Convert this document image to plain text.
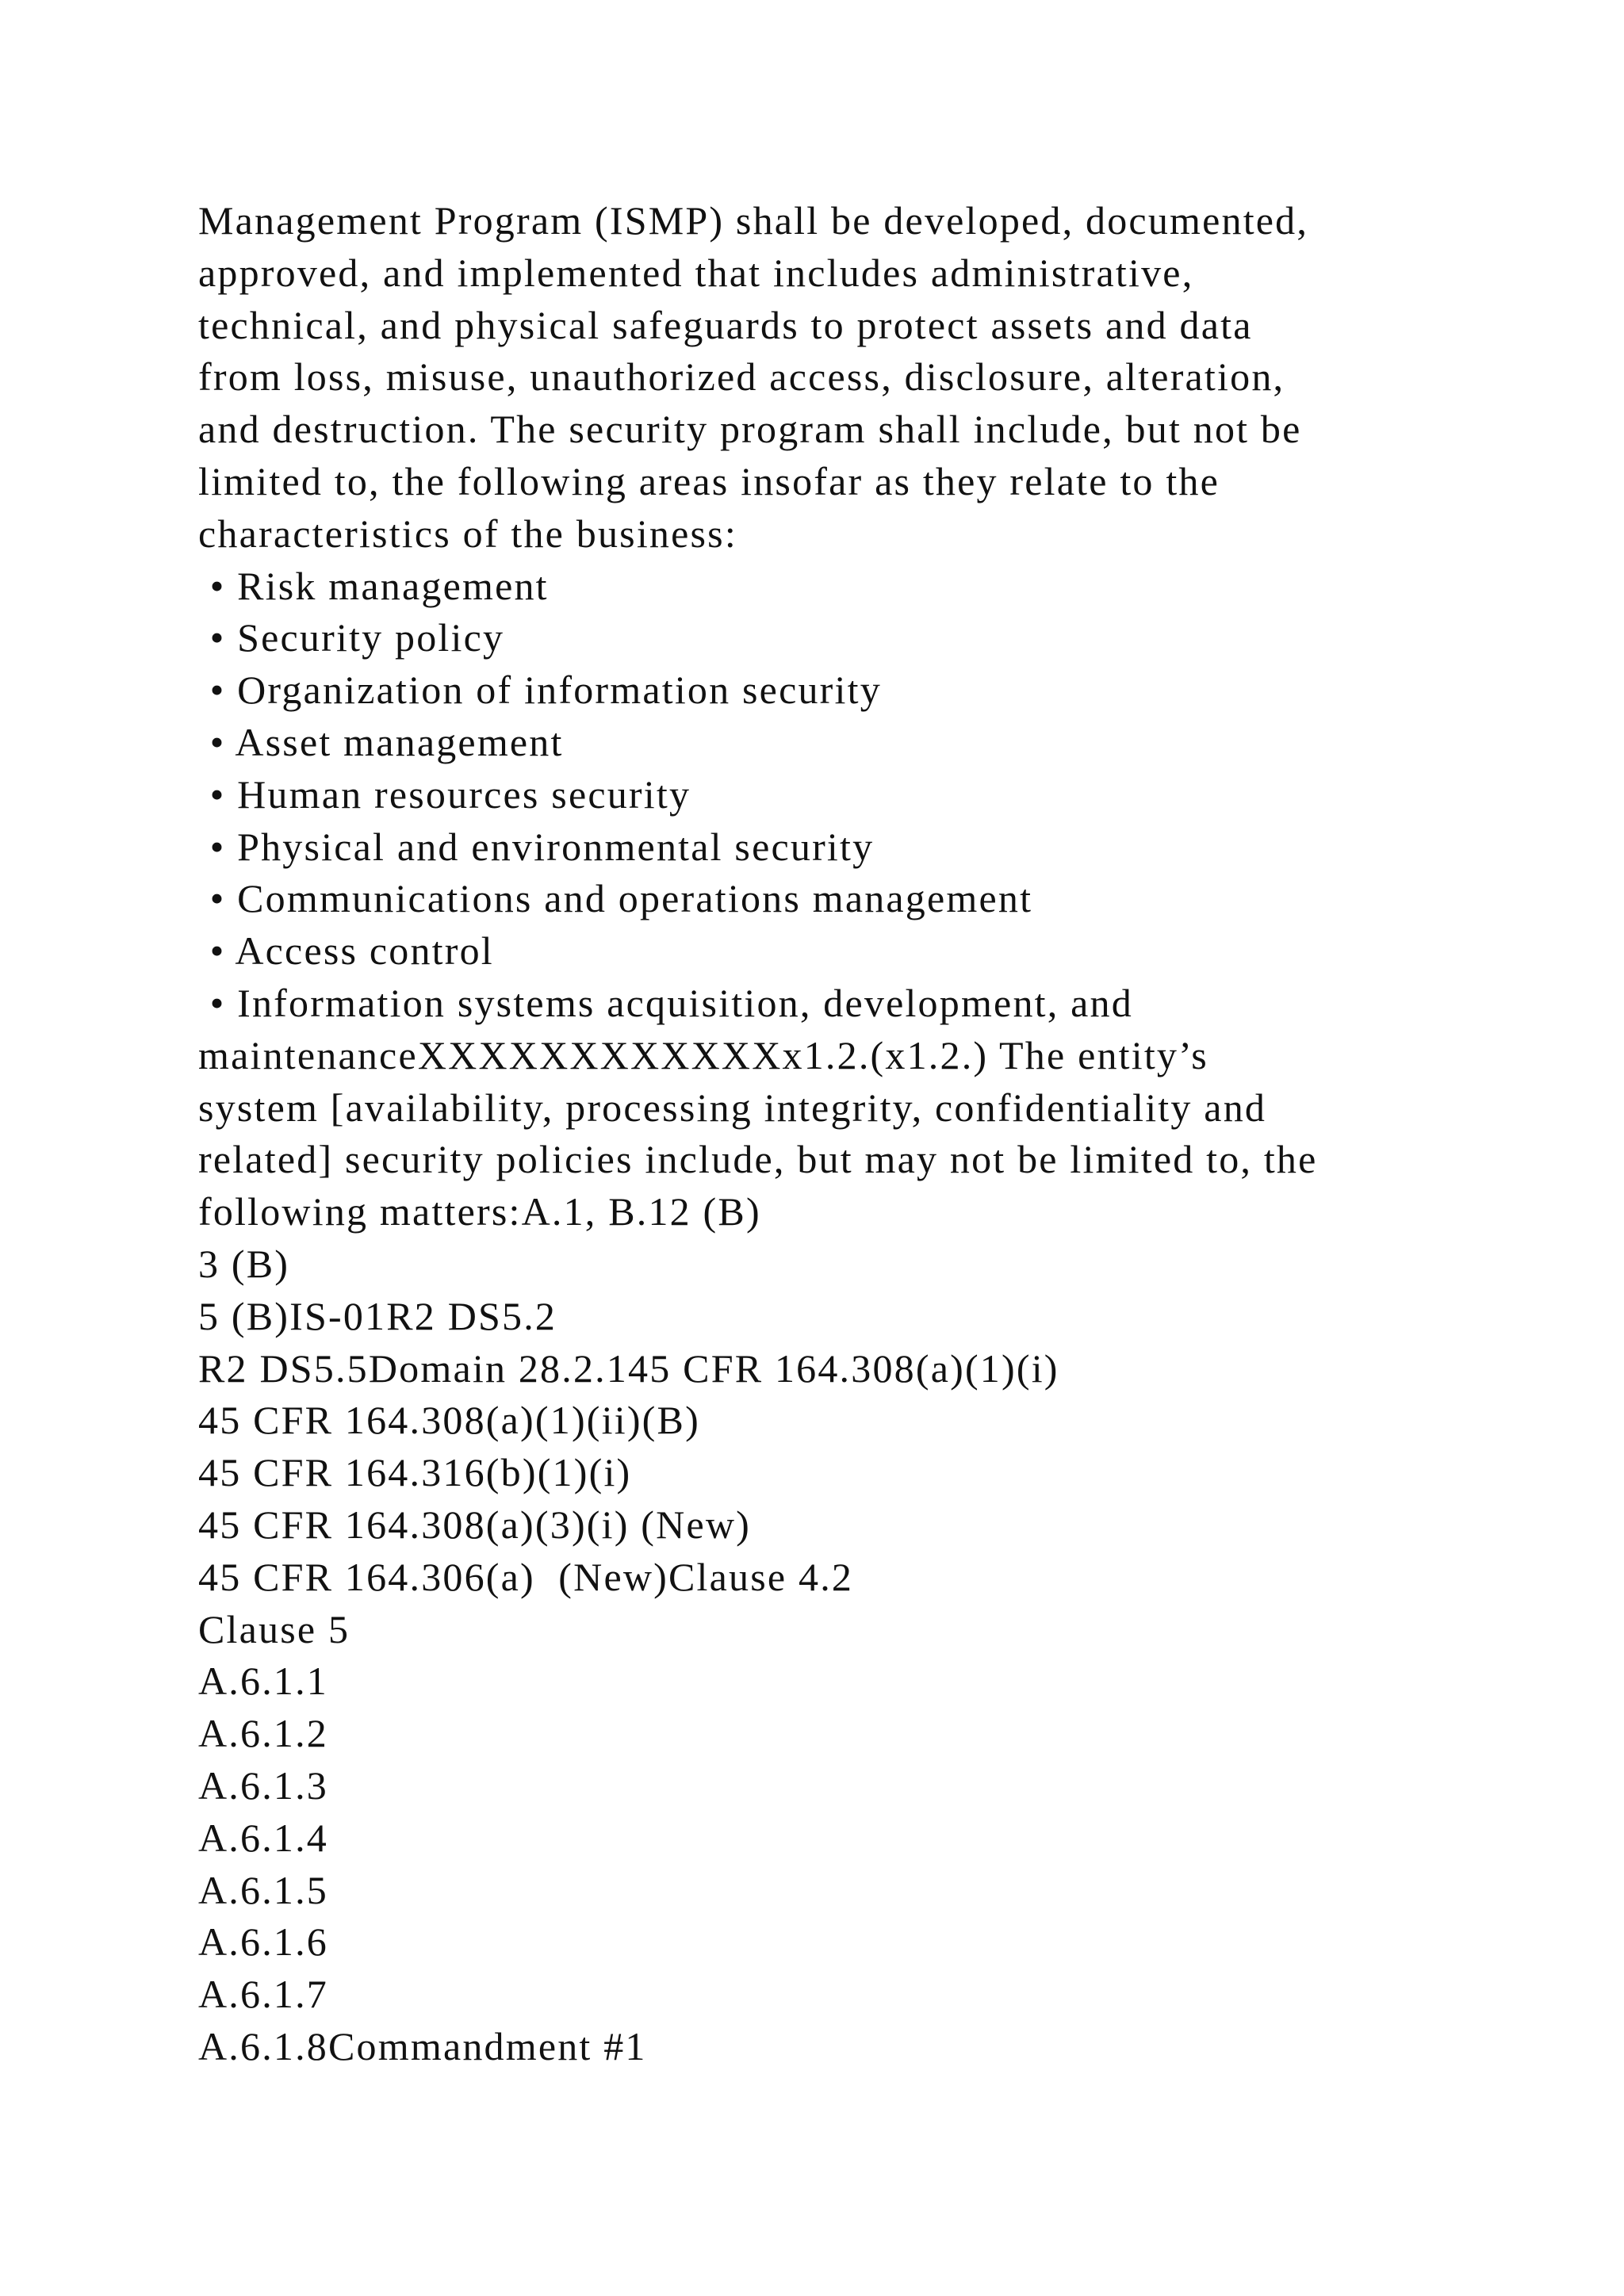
Management Program (ISMP) shall be developed, documented,
approved, and implemented that includes administrative,
technical, and physical safeguards to protect assets and data
from loss, misuse, unauthorized access, disclosure, alteration,
and destruction. The security program shall include, but not be
limited to, the following areas insofar as they relate to the
characteristics of the business:
• Risk management
• Security policy
• Organization of information security
• Asset management
• Human resources security
• Physical and environmental security
• Communications and operations management
• Access control
• Information systems acquisition, development, and
maintenanceXXXXXXXXXXXXx1.2.(x1.2.) The entity’s
system [availability, processing integrity, confidentiality and
related] security policies include, but may not be limited to, the
following matters:A.1, B.12 (B)
3 (B)
5 (B)IS-01R2 DS5.2
R2 DS5.5Domain 28.2.145 CFR 164.308(a)(1)(i)
45 CFR 164.308(a)(1)(ii)(B)
45 CFR 164.316(b)(1)(i)
45 CFR 164.308(a)(3)(i) (New)
45 CFR 164.306(a)  (New)Clause 4.2
Clause 5
A.6.1.1
A.6.1.2
A.6.1.3
A.6.1.4
A.6.1.5
A.6.1.6
A.6.1.7
A.6.1.8Commandment #1
